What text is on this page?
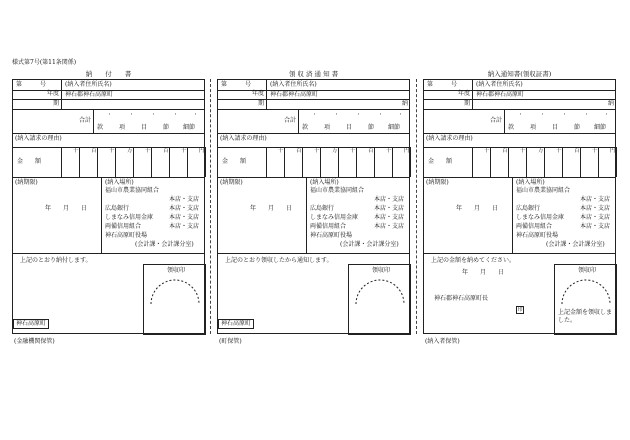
様式第7号(第11条関係)
納　　付　　書
第　　　号
年度
期
(納入者住所氏名)
神石郡神石高原町
合計
款
・
項
・
目
・
節
・
細節
・
(納入請求の理由)
金　　額
千 百 十 万 千 百 十 円
(納期限)
年　　月　　日
(納入場所)
福山市農業協同組合
本店・支店
広島銀行	本店・支店
しまなみ信用金庫	本店・支店
両備信用組合	本店・支店
神石高原町役場
(会計課・会計課分室)
上記のとおり納付します。
領収印
神石高原町
(金融機関保管)
領 収 済 通 知 書
第　　　号
年度
期
(納入者住所氏名)
神石郡神石高原町
納
合計
款
・
項
・
目
・
節
・
細節
・
(納入請求の理由)
金　　額
千 百 十 万 千 百 十 円
(納期限)
年　　月　　日
(納入場所)
福山市農業協同組合
本店・支店
広島銀行	本店・支店
しまなみ信用金庫	本店・支店
両備信用組合	本店・支店
神石高原町役場
(会計課・会計課分室)
上記のとおり領収したから通知します。
領収印
神石高原町
(町保管)
納入通知書(領収証書)
第　　　号
年度
期
(納入者住所氏名)
神石郡神石高原町
納
合計
款
・
項
・
目
・
節
・
細節
・
(納入請求の理由)
金　　額
千 百 十 万 千 百 十 円
(納期限)
年　　月　　日
(納入場所)
福山市農業協同組合
本店・支店
広島銀行	本店・支店
しまなみ信用金庫	本店・支店
両備信用組合	本店・支店
神石高原町役場
(会計課・会計課分室)
上記の金額を納めてください。
年　　月　　日
神石郡神石高原町長
印
領収印
上記金額を領収しました。
(納入者保管)
